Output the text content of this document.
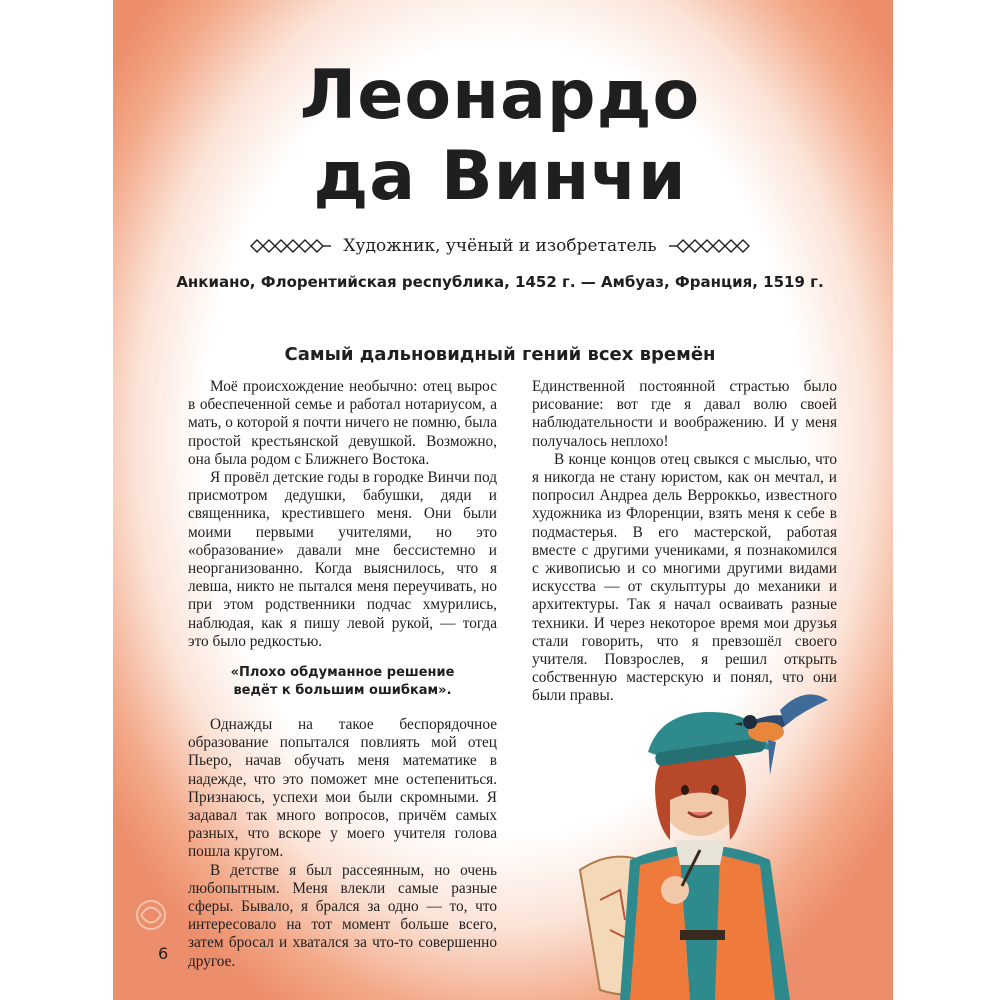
Леонардо
да Винчи
Художник, учёный и изобретатель
Анкиано, Флорентийская республика, 1452 г. — Амбуаз, Франция, 1519 г.
Самый дальновидный гений всех времён

Моё происхождение необычно: отец вырос в обеспеченной семье и работал нотариусом, а мать, о которой я почти ничего не помню, была простой крестьянской девушкой. Возможно, она была родом с Ближнего Востока.

Я провёл детские годы в городке Винчи под присмотром дедушки, бабушки, дяди и священника, крестившего меня. Они были моими первыми учителями, но это «образование» давали мне бессистемно и неорганизованно. Когда выяснилось, что я левша, никто не пытался меня переучивать, но при этом родственники подчас хмурились, наблюдая, как я пишу левой рукой, — тогда это было редкостью.

«Плохо обдуманное решение
ведёт к большим ошибкам».

Однажды на такое беспорядочное образование попытался повлиять мой отец Пьеро, начав обучать меня математике в надежде, что это поможет мне остепениться. Признаюсь, успехи мои были скромными. Я задавал так много вопросов, причём самых разных, что вскоре у моего учителя голова пошла кругом.

В детстве я был рассеянным, но очень любопытным. Меня влекли самые разные сферы. Бывало, я брался за одно — то, что интересовало на тот момент больше всего, затем бросал и хватался за что-то совершенно другое.

Единственной постоянной страстью было рисование: вот где я давал волю своей наблюдательности и воображению. И у меня получалось неплохо!

В конце концов отец свыкся с мыслью, что я никогда не стану юристом, как он мечтал, и попросил Андреа дель Верроккьо, известного художника из Флоренции, взять меня к себе в подмастерья. В его мастерской, работая вместе с другими учениками, я познакомился с живописью и со многими другими видами искусства — от скульптуры до механики и архитектуры. Так я начал осваивать разные техники. И через некоторое время мои друзья стали говорить, что я превзошёл своего учителя. Повзрослев, я решил открыть собственную мастерскую и понял, что они были правы.

6
